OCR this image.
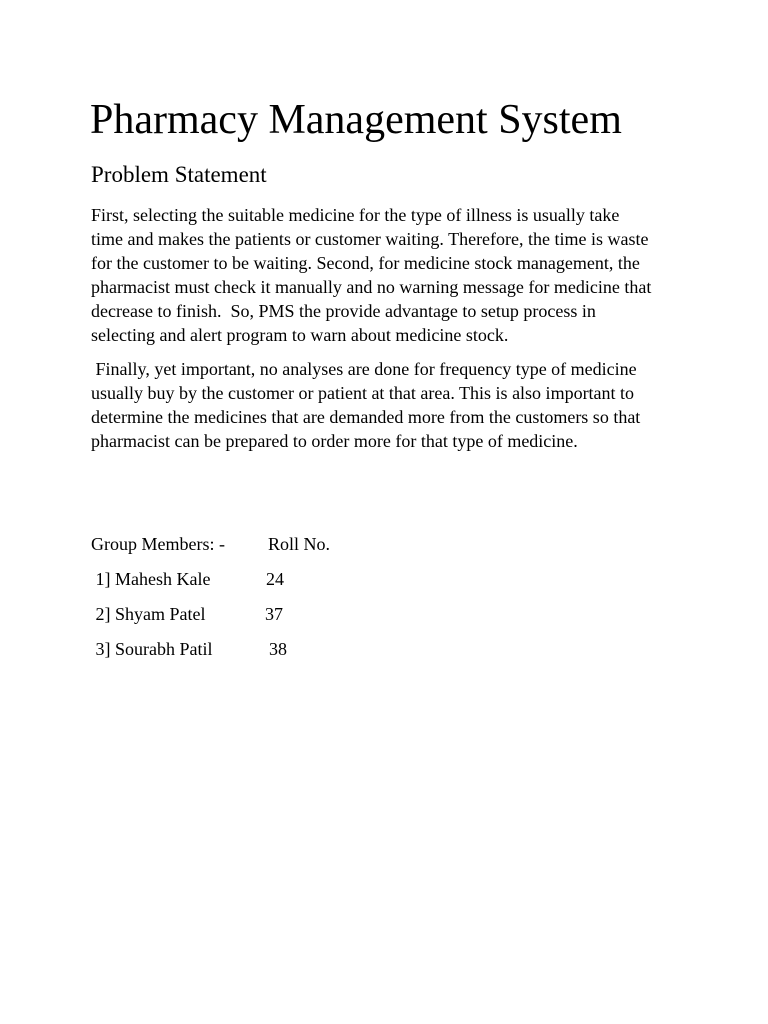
Pharmacy Management System
Problem Statement

First, selecting the suitable medicine for the type of illness is usually take
time and makes the patients or customer waiting. Therefore, the time is waste
for the customer to be waiting. Second, for medicine stock management, the
pharmacist must check it manually and no warning message for medicine that
decrease to finish.  So, PMS the provide advantage to setup process in
selecting and alert program to warn about medicine stock.

Finally, yet important, no analyses are done for frequency type of medicine
usually buy by the customer or patient at that area. This is also important to
determine the medicines that are demanded more from the customers so that
pharmacist can be prepared to order more for that type of medicine.

Group Members: - Roll No.
1] Mahesh Kale	24
2] Shyam Patel	37
3] Sourabh Patil	38
